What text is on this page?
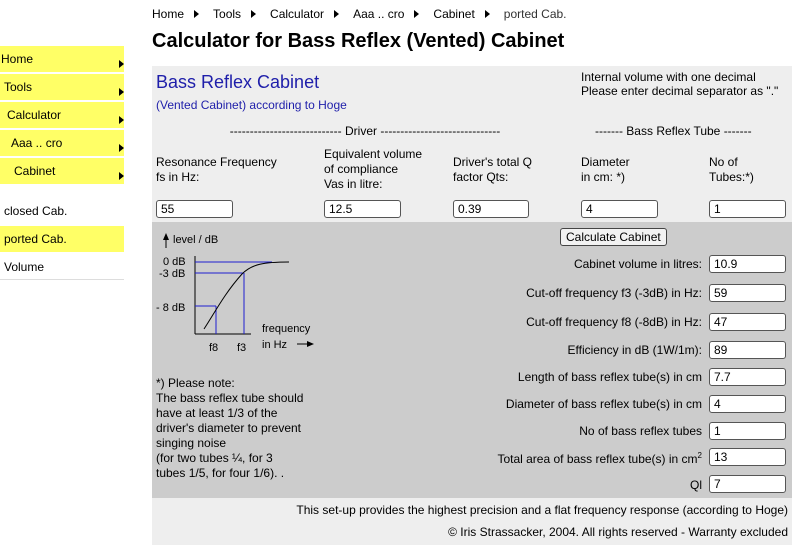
Home Tools Calculator Aaa .. cro Cabinet ported Cab.
Calculator for Bass Reflex (Vented) Cabinet
Home
Tools
Calculator
Aaa .. cro
Cabinet
closed Cab.
ported Cab.
Volume
Bass Reflex Cabinet
(Vented Cabinet) according to Hoge
Internal volume with one decimal Please enter decimal separator as "."
---------------------------- Driver ------------------------------	------- Bass Reflex Tube -------
Resonance Frequency
fs in Hz:
Equivalent volume
of compliance
Vas in litre:
Driver's total Q
factor Qts:
Diameter
in cm: *)
No of
Tubes:*)
55
12.5
0.39
4
1
level / dB
0 dB
-3 dB
- 8 dB
f8 f3
frequency
in Hz
Calculate Cabinet
Cabinet volume in litres:
10.9
Cut-off frequency f3 (-3dB) in Hz:
59
Cut-off frequency f8 (-8dB) in Hz:
47
Efficiency in dB (1W/1m):
89
Length of bass reflex tube(s) in cm
7.7
Diameter of bass reflex tube(s) in cm
4
No of bass reflex tubes
1
Total area of bass reflex tube(s) in $cm^2$
13
Ql
7
*) Please note:
The bass reflex tube should
have at least 1/3 of the
driver's diameter to prevent
singing noise
(for two tubes ¼, for 3
tubes 1/5, for four 1/6). .
This set-up provides the highest precision and a flat frequency response (according to Hoge)
© Iris Strassacker, 2004. All rights reserved - Warranty excluded
